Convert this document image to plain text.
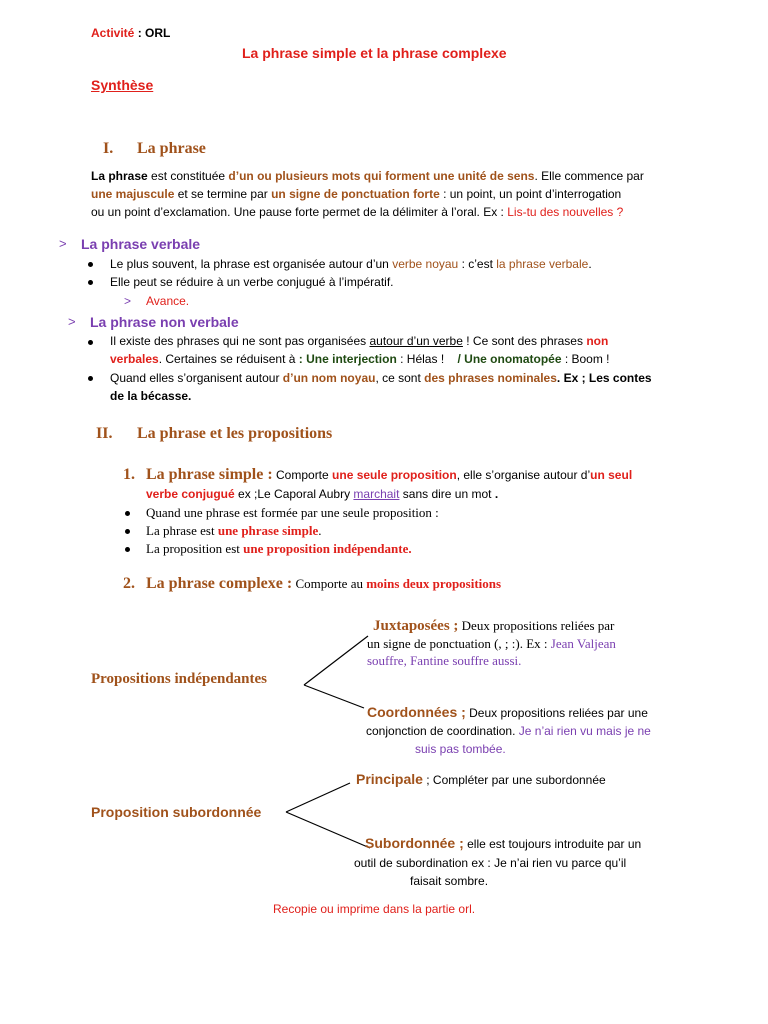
Activité : ORL
La phrase simple et la phrase complexe
Synthèse
I. La phrase
La phrase est constituée d’un ou plusieurs mots qui forment une unité de sens. Elle commence par
une majuscule et se termine par un signe de ponctuation forte : un point, un point d’interrogation
ou un point d’exclamation. Une pause forte permet de la délimiter à l’oral. Ex : Lis-tu des nouvelles ?
> La phrase verbale
Le plus souvent, la phrase est organisée autour d’un verbe noyau : c’est la phrase verbale.
Elle peut se réduire à un verbe conjugué à l’impératif.
> Avance.
> La phrase non verbale
Il existe des phrases qui ne sont pas organisées autour d’un verbe ! Ce sont des phrases non
verbales. Certaines se réduisent à : Une interjection : Hélas !    / Une onomatopée : Boom !
Quand elles s’organisent autour d’un nom noyau, ce sont des phrases nominales. Ex ; Les contes
de la bécasse.
II. La phrase et les propositions
1. La phrase simple : Comporte une seule proposition, elle s’organise autour d’un seul
verbe conjugué ex ;Le Caporal Aubry marchait sans dire un mot .
Quand une phrase est formée par une seule proposition :
La phrase est une phrase simple.
La proposition est une proposition indépendante.
2. La phrase complexe : Comporte au moins deux propositions
Propositions indépendantes
Juxtaposées ; Deux propositions reliées par
un signe de ponctuation (, ; :). Ex : Jean Valjean
souffre, Fantine souffre aussi.
Coordonnées ; Deux propositions reliées par une
conjonction de coordination. Je n’ai rien vu mais je ne
suis pas tombée.
Proposition subordonnée
Principale ; Compléter par une subordonnée
Subordonnée ; elle est toujours introduite par un
outil de subordination ex : Je n’ai rien vu parce qu’il
faisait sombre.
Recopie ou imprime dans la partie orl.
